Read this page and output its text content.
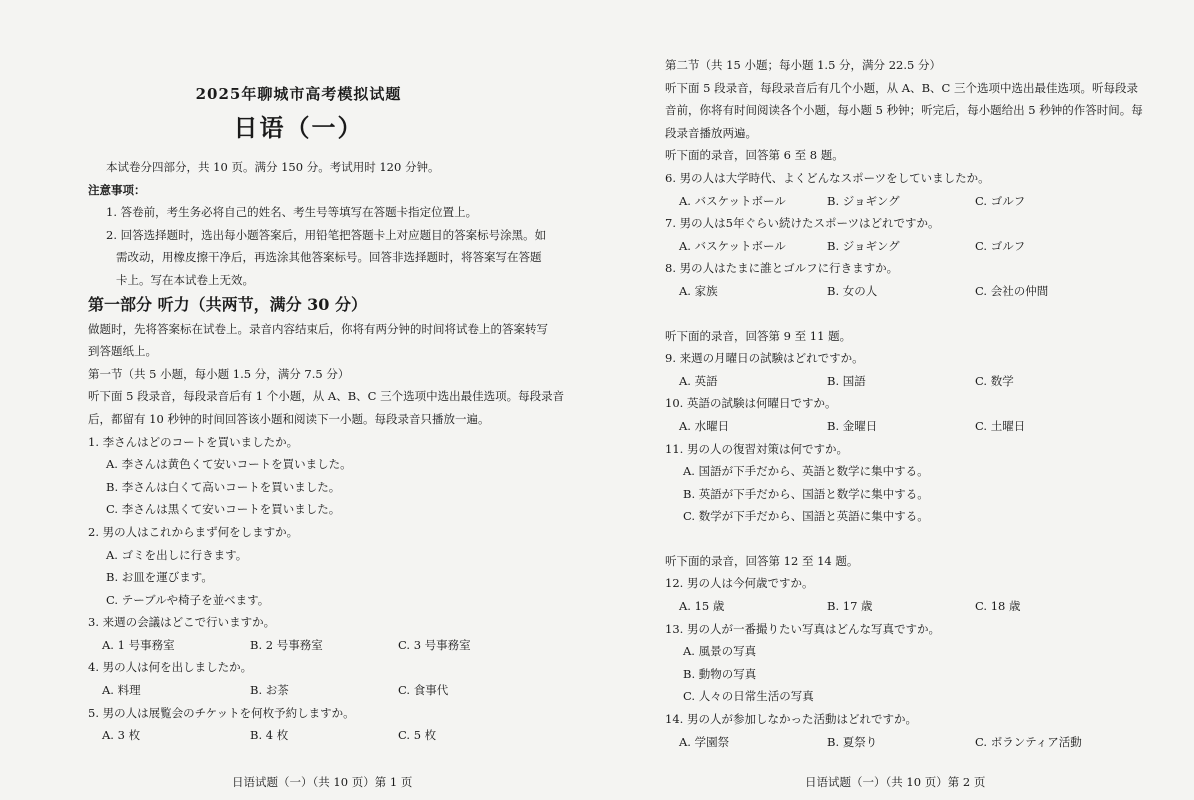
2025年聊城市高考模拟试题
日语（一）
本试卷分四部分，共 10 页。满分 150 分。考试用时 120 分钟。
注意事项：
1. 答卷前，考生务必将自己的姓名、考生号等填写在答题卡指定位置上。
2. 回答选择题时，选出每小题答案后，用铅笔把答题卡上对应题目的答案标号涂黑。如
需改动，用橡皮擦干净后，再选涂其他答案标号。回答非选择题时，将答案写在答题
卡上。写在本试卷上无效。
第一部分 听力（共两节，满分 30 分）
做题时，先将答案标在试卷上。录音内容结束后，你将有两分钟的时间将试卷上的答案转写
到答题纸上。
第一节（共 5 小题，每小题 1.5 分，满分 7.5 分）
听下面 5 段录音，每段录音后有 1 个小题，从 A、B、C 三个选项中选出最佳选项。每段录音
后，都留有 10 秒钟的时间回答该小题和阅读下一小题。每段录音只播放一遍。
1. 李さんはどのコートを買いましたか。
A. 李さんは黄色くて安いコートを買いました。
B. 李さんは白くて高いコートを買いました。
C. 李さんは黒くて安いコートを買いました。
2. 男の人はこれからまず何をしますか。
A. ゴミを出しに行きます。
B. お皿を運びます。
C. テーブルや椅子を並べます。
3. 来週の会議はどこで行いますか。
A. 1 号事務室	B. 2 号事務室	C. 3 号事務室
4. 男の人は何を出しましたか。
A. 料理	B. お茶	C. 食事代
5. 男の人は展覧会のチケットを何枚予約しますか。
A. 3 枚	B. 4 枚	C. 5 枚
日语试题（一）（共 10 页）第 1 页
第二节（共 15 小题；每小题 1.5 分，满分 22.5 分）
听下面 5 段录音，每段录音后有几个小题，从 A、B、C 三个选项中选出最佳选项。听每段录
音前，你将有时间阅读各个小题，每小题 5 秒钟；听完后，每小题给出 5 秒钟的作答时间。每
段录音播放两遍。
听下面的录音，回答第 6 至 8 题。
6. 男の人は大学時代、よくどんなスポーツをしていましたか。
A. バスケットボール	B. ジョギング	C. ゴルフ
7. 男の人は5年ぐらい続けたスポーツはどれですか。
A. バスケットボール	B. ジョギング	C. ゴルフ
8. 男の人はたまに誰とゴルフに行きますか。
A. 家族	B. 女の人	C. 会社の仲間
听下面的录音，回答第 9 至 11 题。
9. 来週の月曜日の試験はどれですか。
A. 英語	B. 国語	C. 数学
10. 英語の試験は何曜日ですか。
A. 水曜日	B. 金曜日	C. 土曜日
11. 男の人の復習対策は何ですか。
A. 国語が下手だから、英語と数学に集中する。
B. 英語が下手だから、国語と数学に集中する。
C. 数学が下手だから、国語と英語に集中する。
听下面的录音，回答第 12 至 14 题。
12. 男の人は今何歳ですか。
A. 15 歳	B. 17 歳	C. 18 歳
13. 男の人が一番撮りたい写真はどんな写真ですか。
A. 風景の写真
B. 動物の写真
C. 人々の日常生活の写真
14. 男の人が参加しなかった活動はどれですか。
A. 学園祭	B. 夏祭り	C. ボランティア活動
日语试题（一）（共 10 页）第 2 页
